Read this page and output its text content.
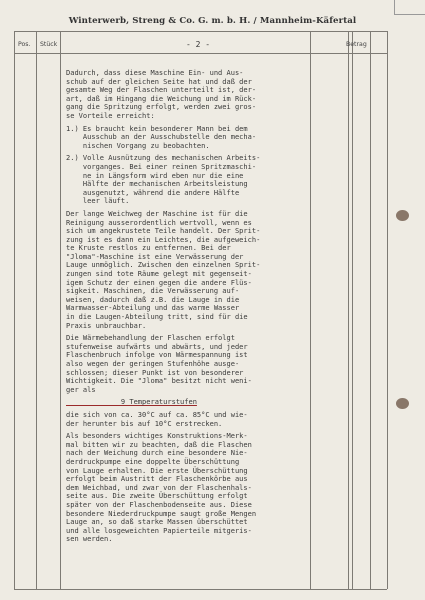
Winterwerb, Streng & Co. G. m. b. H. / Mannheim-Käfertal
Pos. Stück	Betrag
- 2 -
Dadurch, dass diese Maschine Ein- und Aus-
schub auf der gleichen Seite hat und daß der
gesamte Weg der Flaschen unterteilt ist, der-
art, daß im Hingang die Weichung und im Rück-
gang die Spritzung erfolgt, werden zwei gros-
se Vorteile erreicht:
1.) Es braucht kein besonderer Mann bei dem
Ausschub an der Ausschubstelle den mecha-
nischen Vorgang zu beobachten.
2.) Volle Ausnützung des mechanischen Arbeits-
vorganges. Bei einer reinen Spritzmaschi-
ne in Längsform wird eben nur die eine
Hälfte der mechanischen Arbeitsleistung
ausgenutzt, während die andere Hälfte
leer läuft.
Der lange Weichweg der Maschine ist für die
Reinigung ausserordentlich wertvoll, wenn es
sich um angekrustete Teile handelt. Der Sprit-
zung ist es dann ein Leichtes, die aufgeweich-
te Kruste restlos zu entfernen. Bei der
"Jloma"-Maschine ist eine Verwässerung der
Lauge unmöglich. Zwischen den einzelnen Sprit-
zungen sind tote Räume gelegt mit gegenseit-
igem Schutz der einen gegen die andere Flüs-
sigkeit. Maschinen, die Verwässerung auf-
weisen, dadurch daß z.B. die Lauge in die
Warmwasser-Abteilung und das warme Wasser
in die Laugen-Abteilung tritt, sind für die
Praxis unbrauchbar.
Die Wärmebehandlung der Flaschen erfolgt
stufenweise aufwärts und abwärts, und jeder
Flaschenbruch infolge von Wärmespannung ist
also wegen der geringen Stufenhöhe ausge-
schlossen; dieser Punkt ist von besonderer
Wichtigkeit. Die "Jloma" besitzt nicht weni-
ger als
9 Temperaturstufen
die sich von ca. 30°C auf ca. 85°C und wie-
der herunter bis auf 10°C erstrecken.
Als besonders wichtiges Konstruktions-Merk-
mal bitten wir zu beachten, daß die Flaschen
nach der Weichung durch eine besondere Nie-
derdruckpumpe eine doppelte Überschüttung
von Lauge erhalten. Die erste Überschüttung
erfolgt beim Austritt der Flaschenkörbe aus
dem Weichbad, und zwar von der Flaschenhals-
seite aus. Die zweite Überschüttung erfolgt
später von der Flaschenbodenseite aus. Diese
besondere Niederdruckpumpe saugt große Mengen
Lauge an, so daß starke Massen überschüttet
und alle losgeweichten Papierteile mitgeris-
sen werden.
